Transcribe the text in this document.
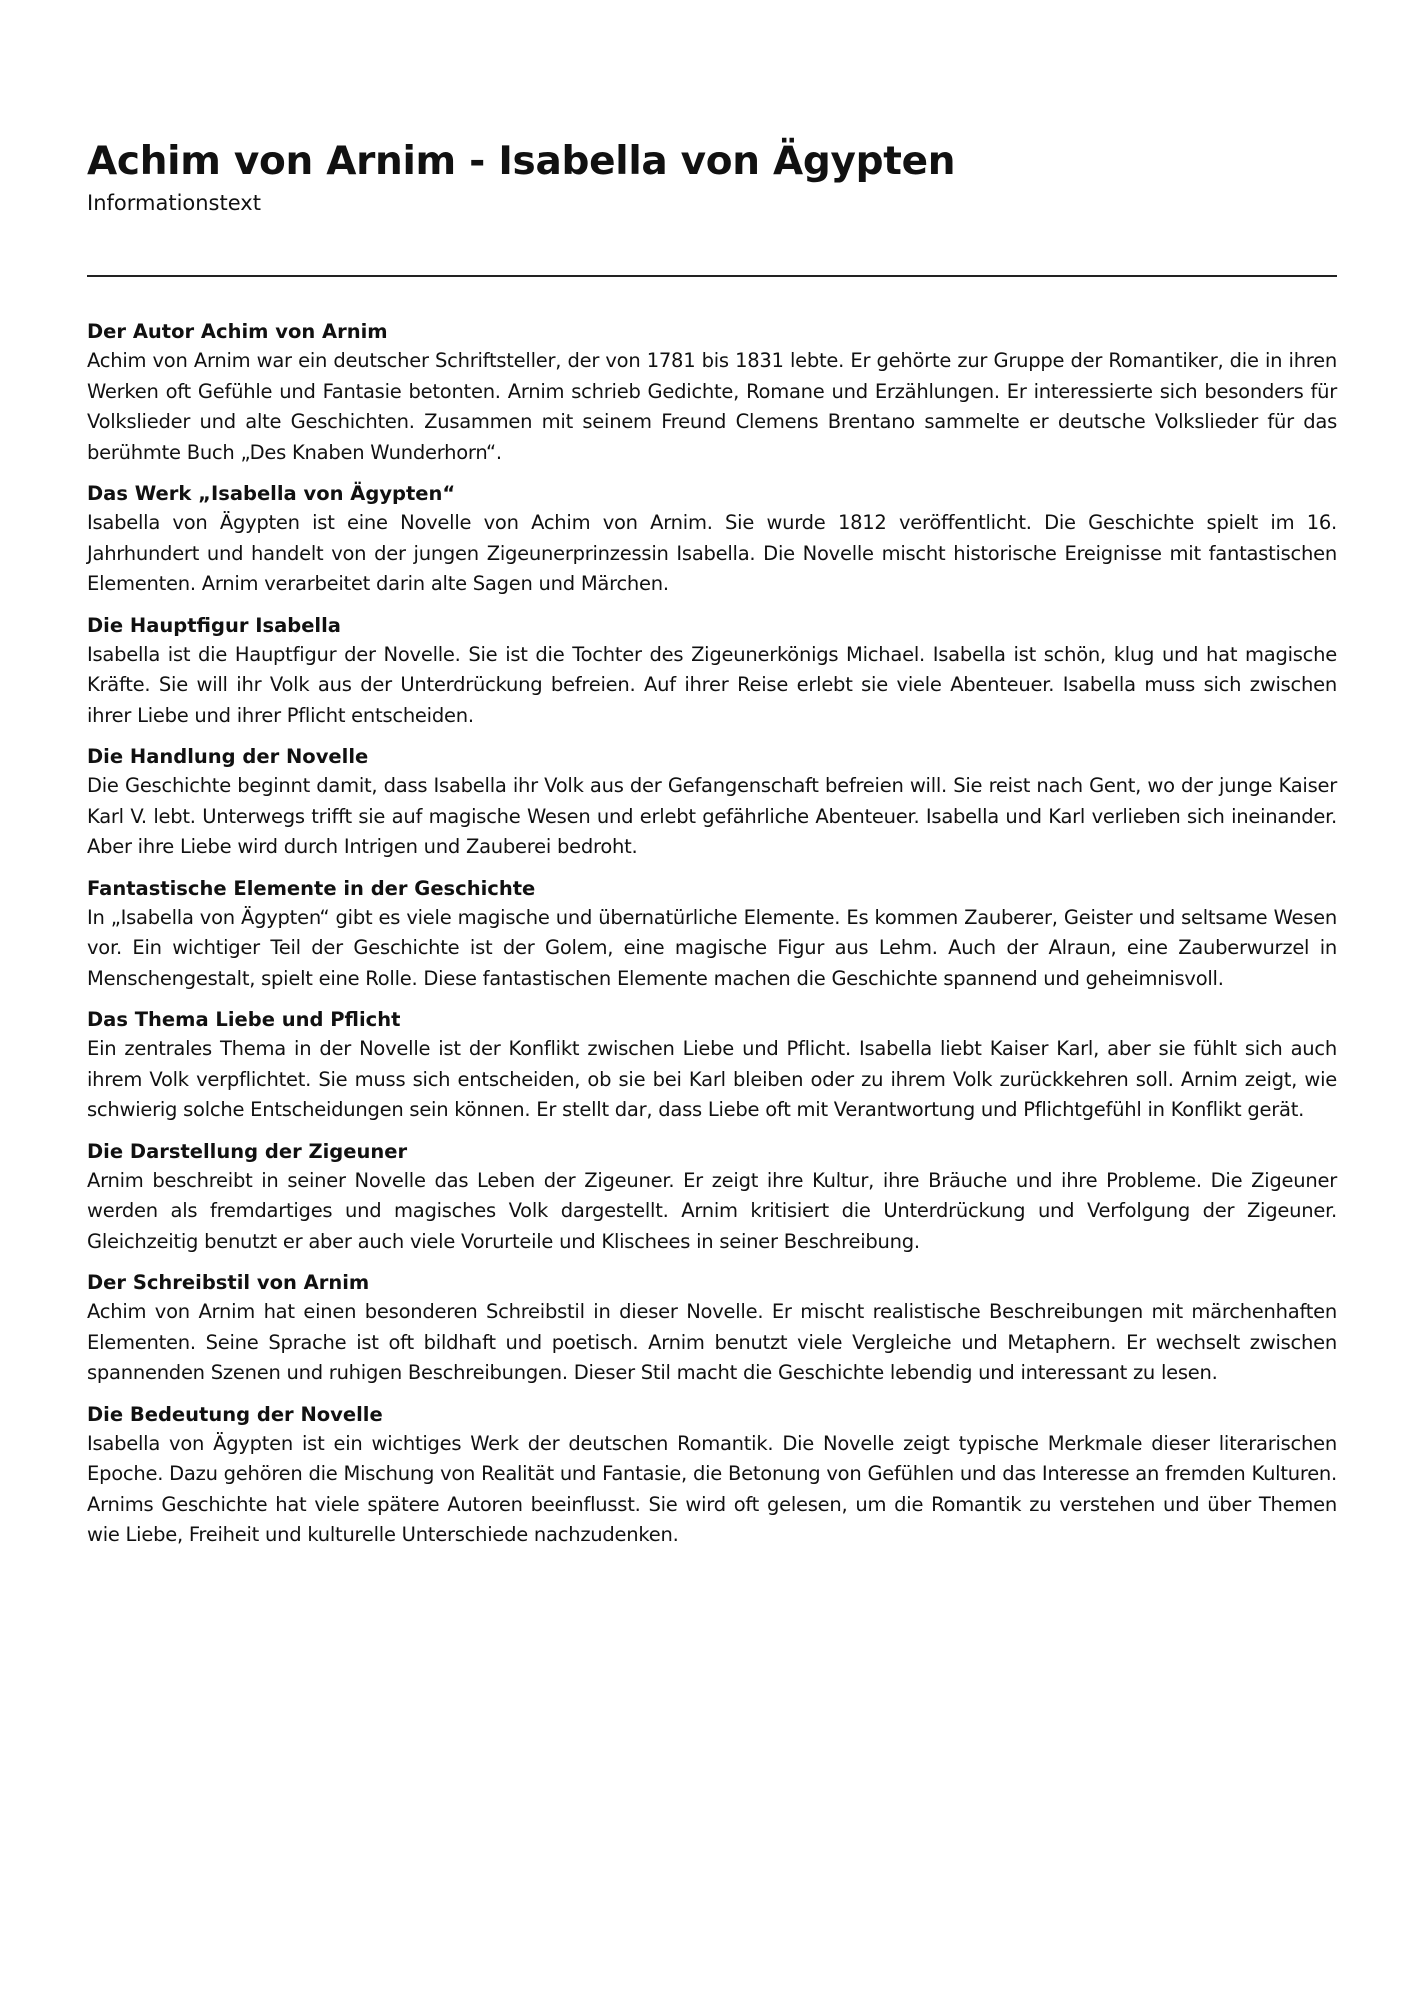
Achim von Arnim - Isabella von Ägypten
Informationstext
Der Autor Achim von Arnim

Achim von Arnim war ein deutscher Schriftsteller, der von 1781 bis 1831 lebte. Er gehörte zur Gruppe der Romantiker, die in ihren Werken oft Gefühle und Fantasie betonten. Arnim schrieb Gedichte, Romane und Erzählungen. Er interessierte sich besonders für Volkslieder und alte Geschichten. Zusammen mit seinem Freund Clemens Brentano sammelte er deutsche Volkslieder für das berühmte Buch „Des Knaben Wunderhorn“.

Das Werk „Isabella von Ägypten“

Isabella von Ägypten ist eine Novelle von Achim von Arnim. Sie wurde 1812 veröffentlicht. Die Geschichte spielt im 16. Jahrhundert und handelt von der jungen Zigeunerprinzessin Isabella. Die Novelle mischt historische Ereignisse mit fantastischen Elementen. Arnim verarbeitet darin alte Sagen und Märchen.

Die Hauptfigur Isabella

Isabella ist die Hauptfigur der Novelle. Sie ist die Tochter des Zigeunerkönigs Michael. Isabella ist schön, klug und hat magische Kräfte. Sie will ihr Volk aus der Unterdrückung befreien. Auf ihrer Reise erlebt sie viele Abenteuer. Isabella muss sich zwischen ihrer Liebe und ihrer Pflicht entscheiden.

Die Handlung der Novelle

Die Geschichte beginnt damit, dass Isabella ihr Volk aus der Gefangenschaft befreien will. Sie reist nach Gent, wo der junge Kaiser Karl V. lebt. Unterwegs trifft sie auf magische Wesen und erlebt gefährliche Abenteuer. Isabella und Karl verlieben sich ineinander. Aber ihre Liebe wird durch Intrigen und Zauberei bedroht.

Fantastische Elemente in der Geschichte

In „Isabella von Ägypten“ gibt es viele magische und übernatürliche Elemente. Es kommen Zauberer, Geister und seltsame Wesen vor. Ein wichtiger Teil der Geschichte ist der Golem, eine magische Figur aus Lehm. Auch der Alraun, eine Zauberwurzel in Menschengestalt, spielt eine Rolle. Diese fantastischen Elemente machen die Geschichte spannend und geheimnisvoll.

Das Thema Liebe und Pflicht

Ein zentrales Thema in der Novelle ist der Konflikt zwischen Liebe und Pflicht. Isabella liebt Kaiser Karl, aber sie fühlt sich auch ihrem Volk verpflichtet. Sie muss sich entscheiden, ob sie bei Karl bleiben oder zu ihrem Volk zurückkehren soll. Arnim zeigt, wie schwierig solche Entscheidungen sein können. Er stellt dar, dass Liebe oft mit Verantwortung und Pflichtgefühl in Konflikt gerät.

Die Darstellung der Zigeuner

Arnim beschreibt in seiner Novelle das Leben der Zigeuner. Er zeigt ihre Kultur, ihre Bräuche und ihre Probleme. Die Zigeuner werden als fremdartiges und magisches Volk dargestellt. Arnim kritisiert die Unterdrückung und Verfolgung der Zigeuner. Gleichzeitig benutzt er aber auch viele Vorurteile und Klischees in seiner Beschreibung.

Der Schreibstil von Arnim

Achim von Arnim hat einen besonderen Schreibstil in dieser Novelle. Er mischt realistische Beschreibungen mit märchenhaften Elementen. Seine Sprache ist oft bildhaft und poetisch. Arnim benutzt viele Vergleiche und Metaphern. Er wechselt zwischen spannenden Szenen und ruhigen Beschreibungen. Dieser Stil macht die Geschichte lebendig und interessant zu lesen.

Die Bedeutung der Novelle

Isabella von Ägypten ist ein wichtiges Werk der deutschen Romantik. Die Novelle zeigt typische Merkmale dieser literarischen Epoche. Dazu gehören die Mischung von Realität und Fantasie, die Betonung von Gefühlen und das Interesse an fremden Kulturen. Arnims Geschichte hat viele spätere Autoren beeinflusst. Sie wird oft gelesen, um die Romantik zu verstehen und über Themen wie Liebe, Freiheit und kulturelle Unterschiede nachzudenken.
